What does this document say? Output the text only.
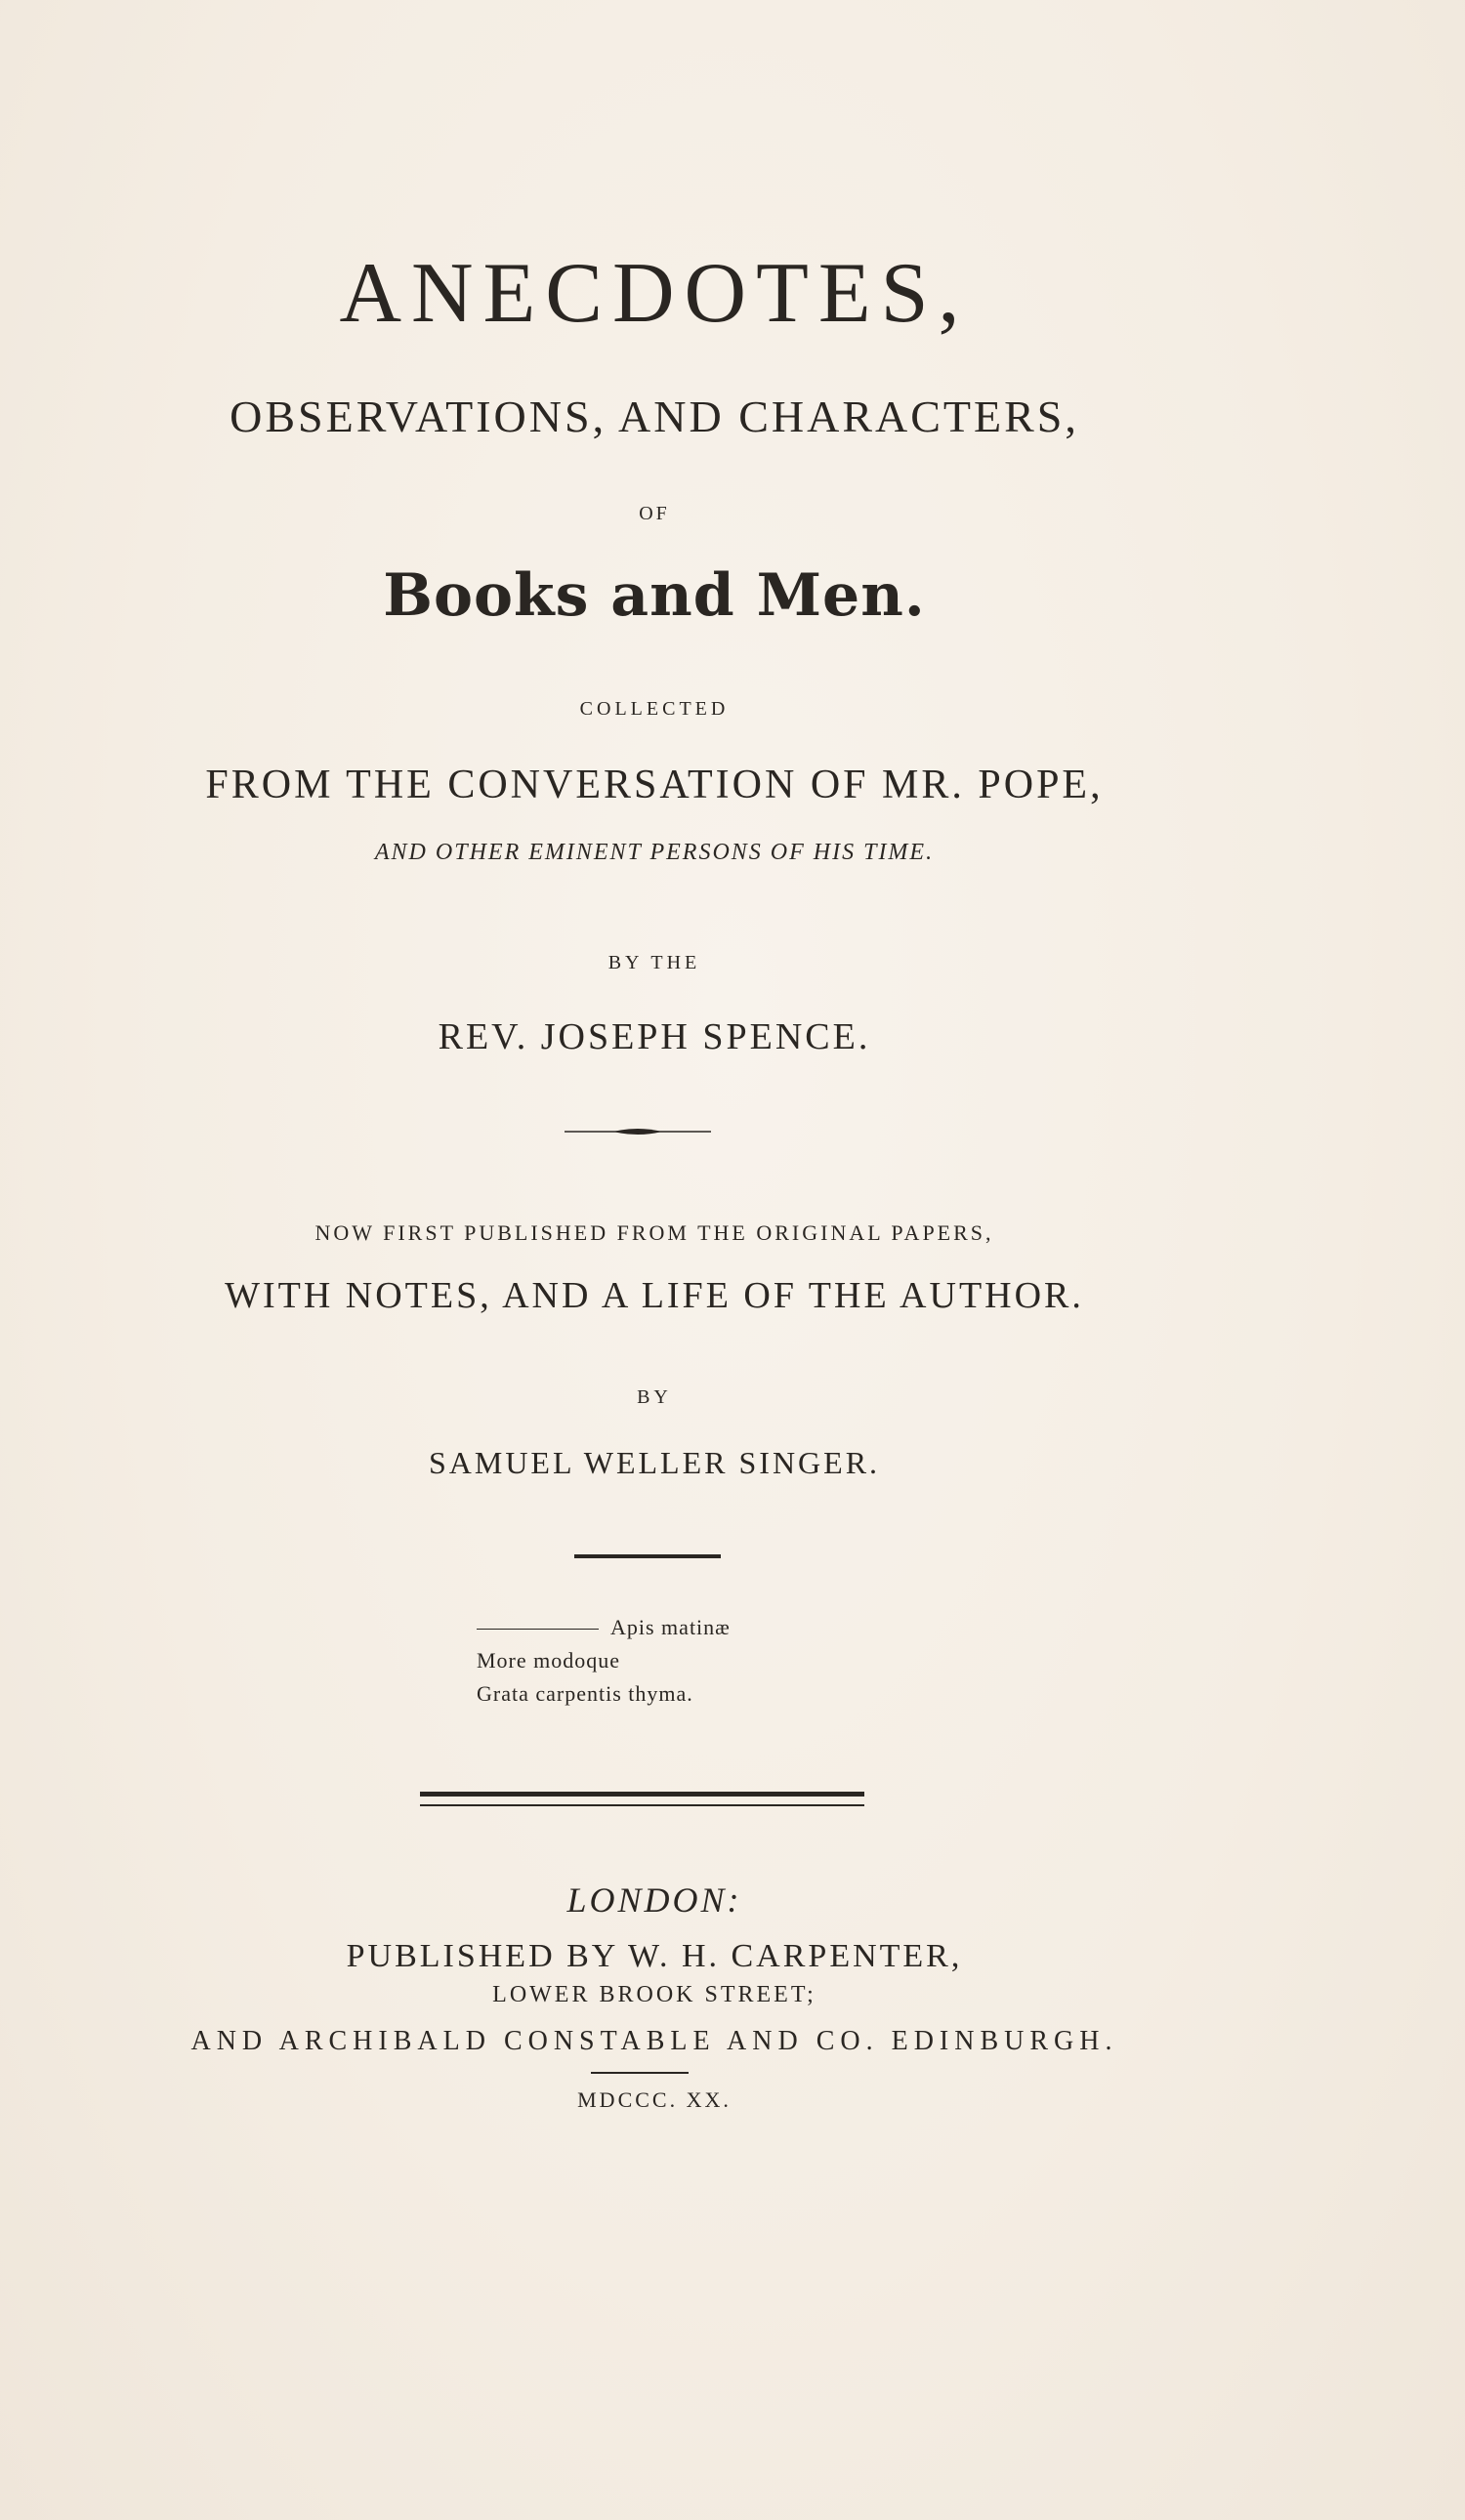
ANECDOTES,
OBSERVATIONS, AND CHARACTERS,
OF
Books and Men.
COLLECTED
FROM THE CONVERSATION OF MR. POPE,
AND OTHER EMINENT PERSONS OF HIS TIME.
BY THE
REV. JOSEPH SPENCE.
NOW FIRST PUBLISHED FROM THE ORIGINAL PAPERS,
WITH NOTES, AND A LIFE OF THE AUTHOR.
BY
SAMUEL WELLER SINGER.
Apis matinæ
More modoque
Grata carpentis thyma.
LONDON:
PUBLISHED BY W. H. CARPENTER,
LOWER BROOK STREET;
AND ARCHIBALD CONSTABLE AND CO. EDINBURGH.
MDCCC. XX.
